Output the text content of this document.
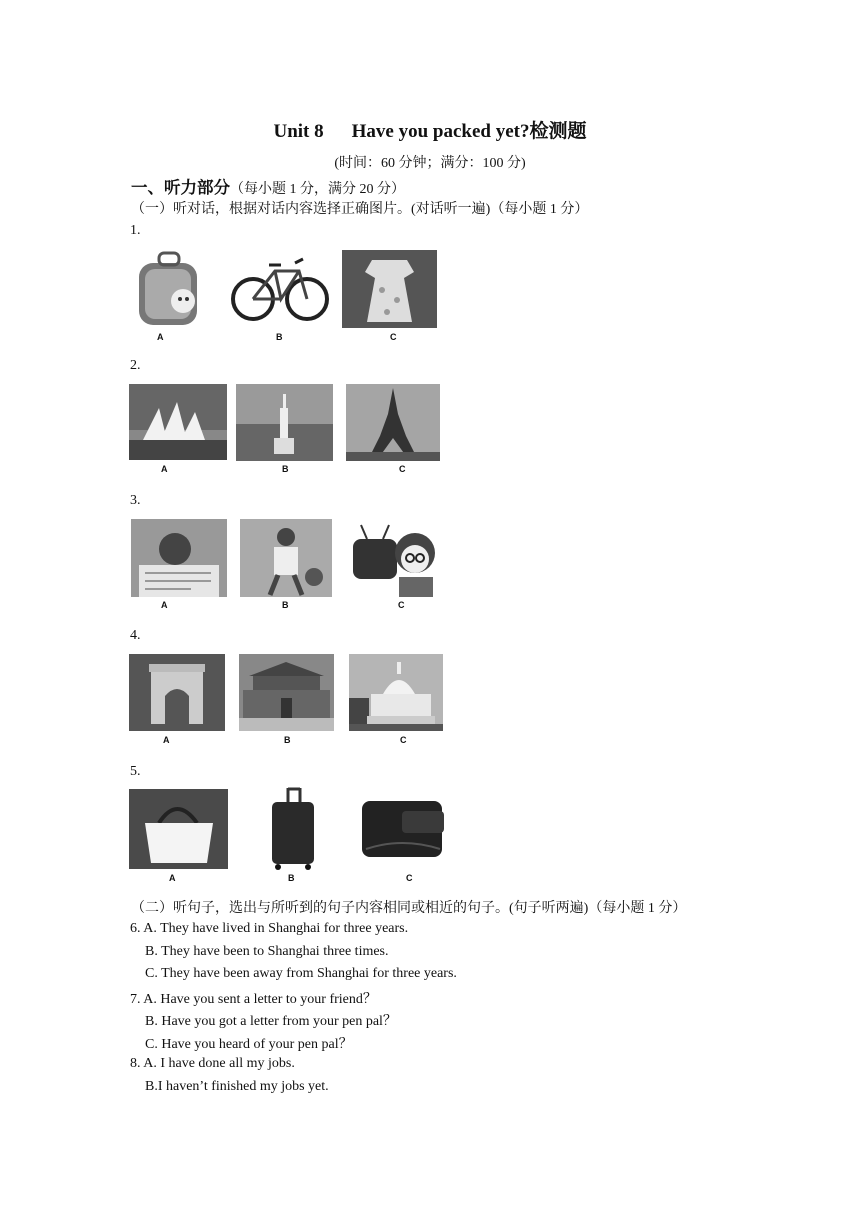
Unit 8 Have you packed yet?检测题
(时间：60 分钟；满分：100 分)
一、听力部分（每小题 1 分，满分 20 分）
（一）听对话，根据对话内容选择正确图片。(对话听一遍)（每小题 1 分）
1.
A	B	C
2.
A	B	C
3.
A	B	C
4.
A	B	C
5.
A	B	C
（二）听句子，选出与所听到的句子内容相同或相近的句子。(句子听两遍)（每小题 1 分）
6. A. They have lived in Shanghai for three years.
B. They have been to Shanghai three times.
C. They have been away from Shanghai for three years.
7. A. Have you sent a letter to your friend？
B. Have you got a letter from your pen pal？
C. Have you heard of your pen pal？
8. A. I have done all my jobs.
B.I haven’t finished my jobs yet.
